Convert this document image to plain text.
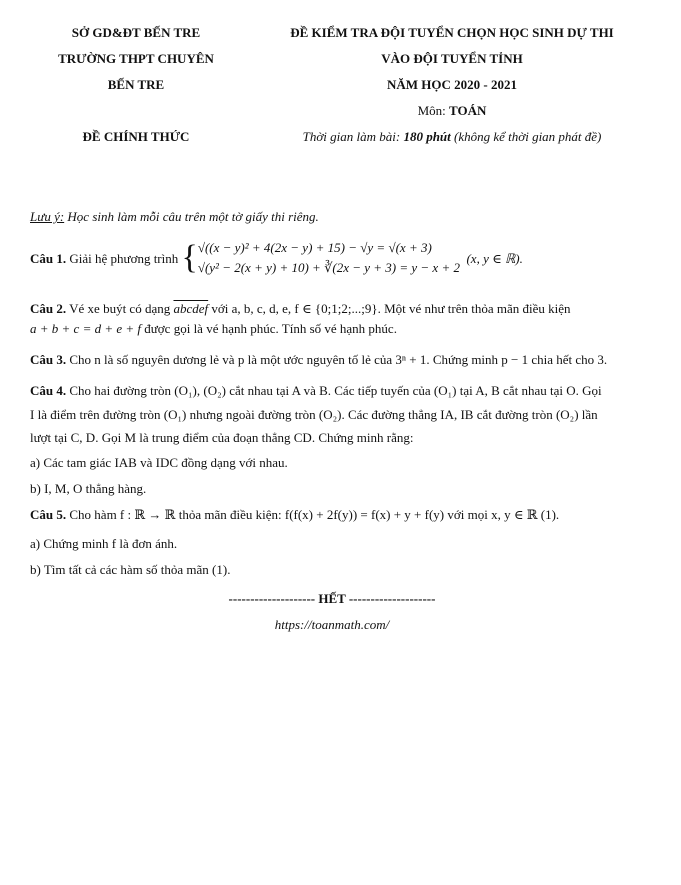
SỞ GD&ĐT BẾN TRE
TRƯỜNG THPT CHUYÊN
BẾN TRE
ĐỀ CHÍNH THỨC
ĐỀ KIỂM TRA ĐỘI TUYỂN CHỌN HỌC SINH DỰ THI
VÀO ĐỘI TUYỂN TỈNH
NĂM HỌC 2020 - 2021
Môn: TOÁN
Thời gian làm bài: 180 phút (không kể thời gian phát đề)
Lưu ý: Học sinh làm mỗi câu trên một tờ giấy thi riêng.
Câu 1.
Giải hệ phương trình
{ √((x − y)² + 4(2x − y) + 15) − √y = √(x + 3)
√(y² − 2(x + y) + 10) + ∛(2x − y + 3) = y − x + 2

(x, y ∈ ℝ).
Câu 2. Vé xe buýt có dạng abcdef với a, b, c, d, e, f ∈ {0;1;2;...;9}. Một vé như trên thỏa mãn điều kiện
a + b + c = d + e + f được gọi là vé hạnh phúc. Tính số vé hạnh phúc.
Câu 3. Cho n là số nguyên dương lẻ và p là một ước nguyên tố lẻ của 3ⁿ + 1. Chứng minh p − 1 chia hết cho 3.
Câu 4. Cho hai đường tròn (O₁), (O₂) cắt nhau tại A và B. Các tiếp tuyến của (O₁) tại A, B cắt nhau tại O. Gọi
I là điểm trên đường tròn (O₁) nhưng ngoài đường tròn (O₂). Các đường thẳng IA, IB cắt đường tròn (O₂) lần
lượt tại C, D. Gọi M là trung điểm của đoạn thẳng CD. Chứng minh rằng:
a) Các tam giác IAB và IDC đồng dạng với nhau.
b) I, M, O thẳng hàng.
Câu 5. Cho hàm f : ℝ → ℝ thỏa mãn điều kiện: f(f(x) + 2f(y)) = f(x) + y + f(y) với mọi x, y ∈ ℝ (1).
a) Chứng minh f là đơn ánh.
b) Tìm tất cả các hàm số thỏa mãn (1).
-------------------- HẾT --------------------
https://toanmath.com/
